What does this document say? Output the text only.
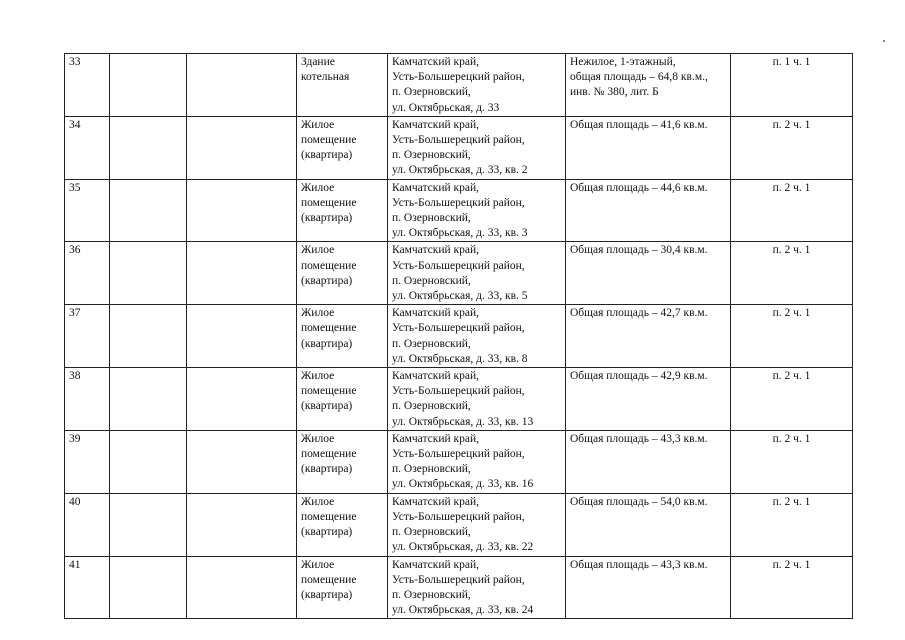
33			Здание
котельная	Камчатский край,
Усть-Большерецкий район,
п. Озерновский,
ул. Октябрьская, д. 33	Нежилое, 1-этажный,
общая площадь – 64,8 кв.м.,
инв. № 380, лит. Б	п. 1 ч. 1
34			Жилое
помещение
(квартира)	Камчатский край,
Усть-Большерецкий район,
п. Озерновский,
ул. Октябрьская, д. 33, кв. 2	Общая площадь – 41,6 кв.м.	п. 2 ч. 1
35			Жилое
помещение
(квартира)	Камчатский край,
Усть-Большерецкий район,
п. Озерновский,
ул. Октябрьская, д. 33, кв. 3	Общая площадь – 44,6 кв.м.	п. 2 ч. 1
36			Жилое
помещение
(квартира)	Камчатский край,
Усть-Большерецкий район,
п. Озерновский,
ул. Октябрьская, д. 33, кв. 5	Общая площадь – 30,4 кв.м.	п. 2 ч. 1
37			Жилое
помещение
(квартира)	Камчатский край,
Усть-Большерецкий район,
п. Озерновский,
ул. Октябрьская, д. 33, кв. 8	Общая площадь – 42,7 кв.м.	п. 2 ч. 1
38			Жилое
помещение
(квартира)	Камчатский край,
Усть-Большерецкий район,
п. Озерновский,
ул. Октябрьская, д. 33, кв. 13	Общая площадь – 42,9 кв.м.	п. 2 ч. 1
39			Жилое
помещение
(квартира)	Камчатский край,
Усть-Большерецкий район,
п. Озерновский,
ул. Октябрьская, д. 33, кв. 16	Общая площадь – 43,3 кв.м.	п. 2 ч. 1
40			Жилое
помещение
(квартира)	Камчатский край,
Усть-Большерецкий район,
п. Озерновский,
ул. Октябрьская, д. 33, кв. 22	Общая площадь – 54,0 кв.м.	п. 2 ч. 1
41			Жилое
помещение
(квартира)	Камчатский край,
Усть-Большерецкий район,
п. Озерновский,
ул. Октябрьская, д. 33, кв. 24	Общая площадь – 43,3 кв.м.	п. 2 ч. 1
